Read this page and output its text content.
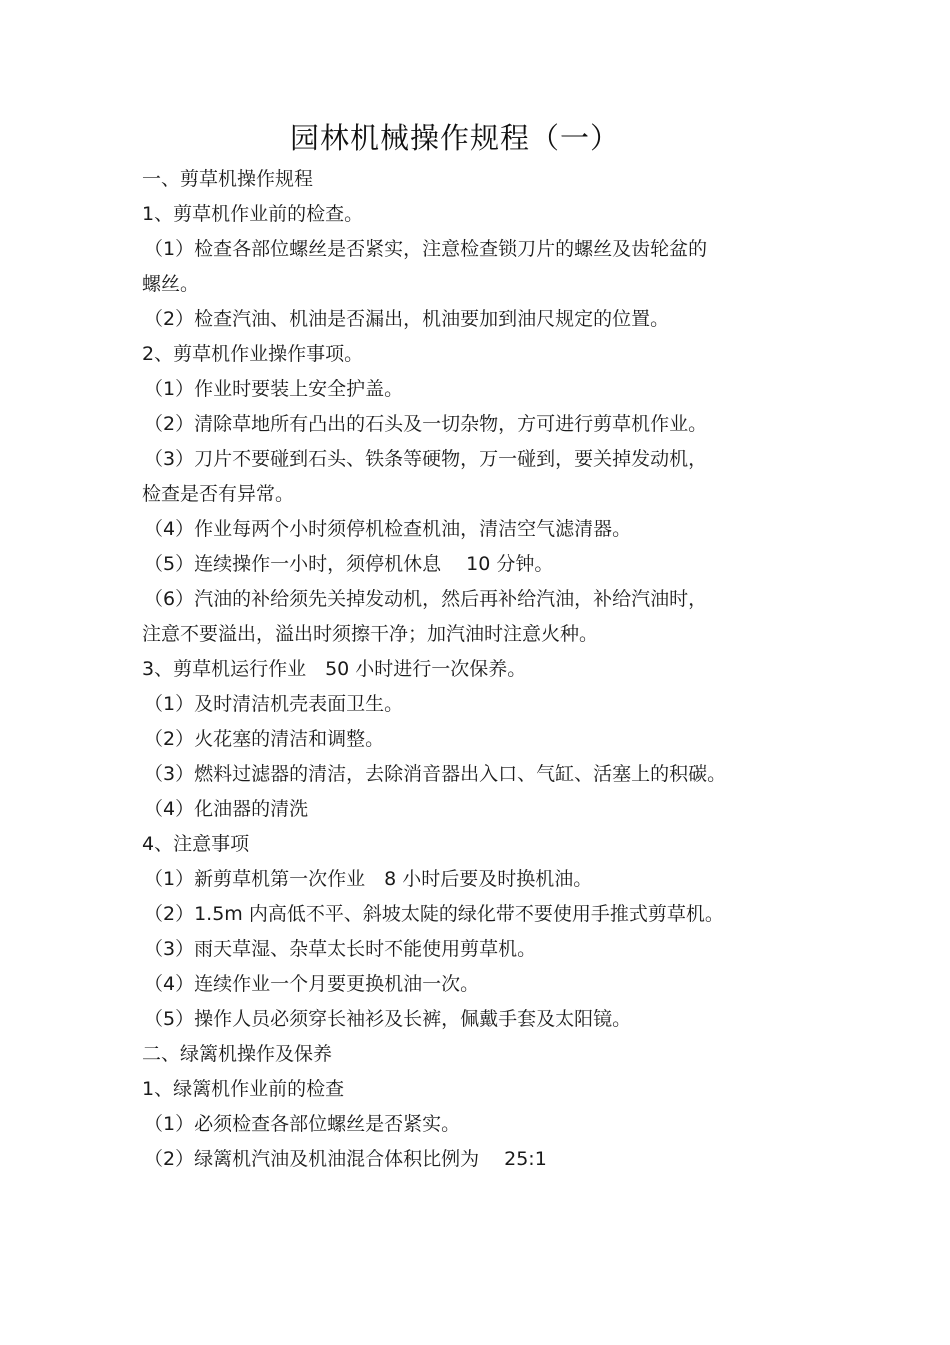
园林机械操作规程（一）
一、剪草机操作规程
1、剪草机作业前的检查。
（1）检查各部位螺丝是否紧实，注意检查锁刀片的螺丝及齿轮盆的
螺丝。
（2）检查汽油、机油是否漏出，机油要加到油尺规定的位置。
2、剪草机作业操作事项。
（1）作业时要装上安全护盖。
（2）清除草地所有凸出的石头及一切杂物，方可进行剪草机作业。
（3）刀片不要碰到石头、铁条等硬物，万一碰到，要关掉发动机，
检查是否有异常。
（4）作业每两个小时须停机检查机油，清洁空气滤清器。
（5）连续操作一小时，须停机休息　 10 分钟。
（6）汽油的补给须先关掉发动机，然后再补给汽油，补给汽油时，
注意不要溢出，溢出时须擦干净；加汽油时注意火种。
3、剪草机运行作业　50 小时进行一次保养。
（1）及时清洁机壳表面卫生。
（2）火花塞的清洁和调整。
（3）燃料过滤器的清洁，去除消音器出入口、气缸、活塞上的积碳。
（4）化油器的清洗
4、注意事项
（1）新剪草机第一次作业　8 小时后要及时换机油。
（2）1.5m 内高低不平、斜坡太陡的绿化带不要使用手推式剪草机。
（3）雨天草湿、杂草太长时不能使用剪草机。
（4）连续作业一个月要更换机油一次。
（5）操作人员必须穿长袖衫及长裤，佩戴手套及太阳镜。
二、绿篱机操作及保养
1、绿篱机作业前的检查
（1）必须检查各部位螺丝是否紧实。
（2）绿篱机汽油及机油混合体积比例为　 25:1
